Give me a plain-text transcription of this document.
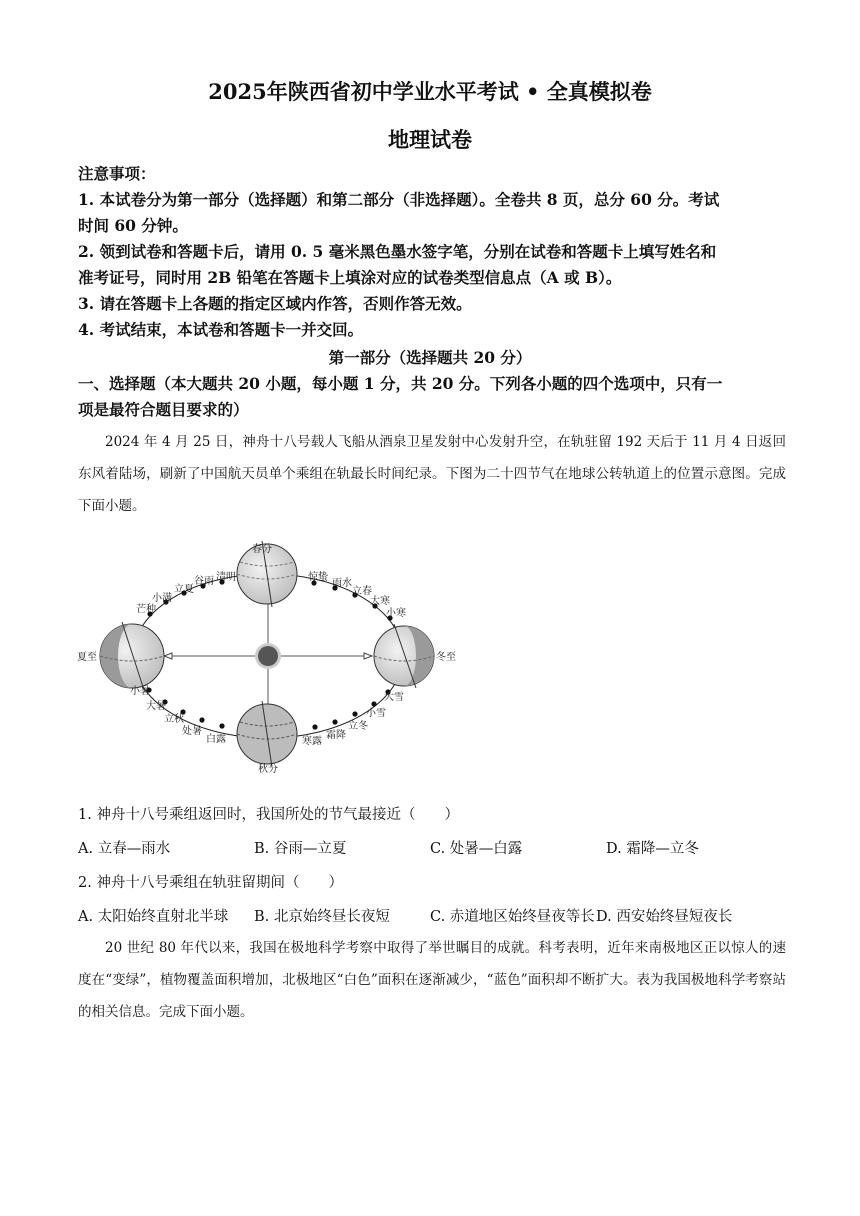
2025年陕西省初中学业水平考试 • 全真模拟卷
地理试卷
注意事项：
1. 本试卷分为第一部分（选择题）和第二部分（非选择题）。全卷共 8 页，总分 60 分。考试
时间 60 分钟。
2. 领到试卷和答题卡后，请用 0. 5 毫米黑色墨水签字笔，分别在试卷和答题卡上填写姓名和
准考证号，同时用 2B 铅笔在答题卡上填涂对应的试卷类型信息点（A 或 B）。
3. 请在答题卡上各题的指定区域内作答，否则作答无效。
4. 考试结束，本试卷和答题卡一并交回。
第一部分（选择题共 20 分）
一、选择题（本大题共 20 小题，每小题 1 分，共 20 分。下列各小题的四个选项中，只有一
项是最符合题目要求的）
2024 年 4 月 25 日，神舟十八号载人飞船从酒泉卫星发射中心发射升空，在轨驻留 192 天后于 11 月 4 日返回东风着陆场，刷新了中国航天员单个乘组在轨最长时间纪录。下图为二十四节气在地球公转轨道上的位置示意图。完成下面小题。
春分
秋分
夏至	冬至
惊蛰
雨水
立春
大寒
小寒
清明
谷雨
立夏
小满
芒种
小暑
大暑
立秋
处暑
白露	寒露
霜降
立冬
小雪
大雪
1. 神舟十八号乘组返回时，我国所处的节气最接近（　　）
A. 立春—雨水	B. 谷雨—立夏	C. 处暑—白露	D. 霜降—立冬
2. 神舟十八号乘组在轨驻留期间（　　）
A. 太阳始终直射北半球 B. 北京始终昼长夜短	C. 赤道地区始终昼夜等长 D. 西安始终昼短夜长
20 世纪 80 年代以来，我国在极地科学考察中取得了举世瞩目的成就。科考表明，近年来南极地区正以惊人的速度在“变绿”，植物覆盖面积增加，北极地区“白色”面积在逐渐减少，“蓝色”面积却不断扩大。表为我国极地科学考察站的相关信息。完成下面小题。
